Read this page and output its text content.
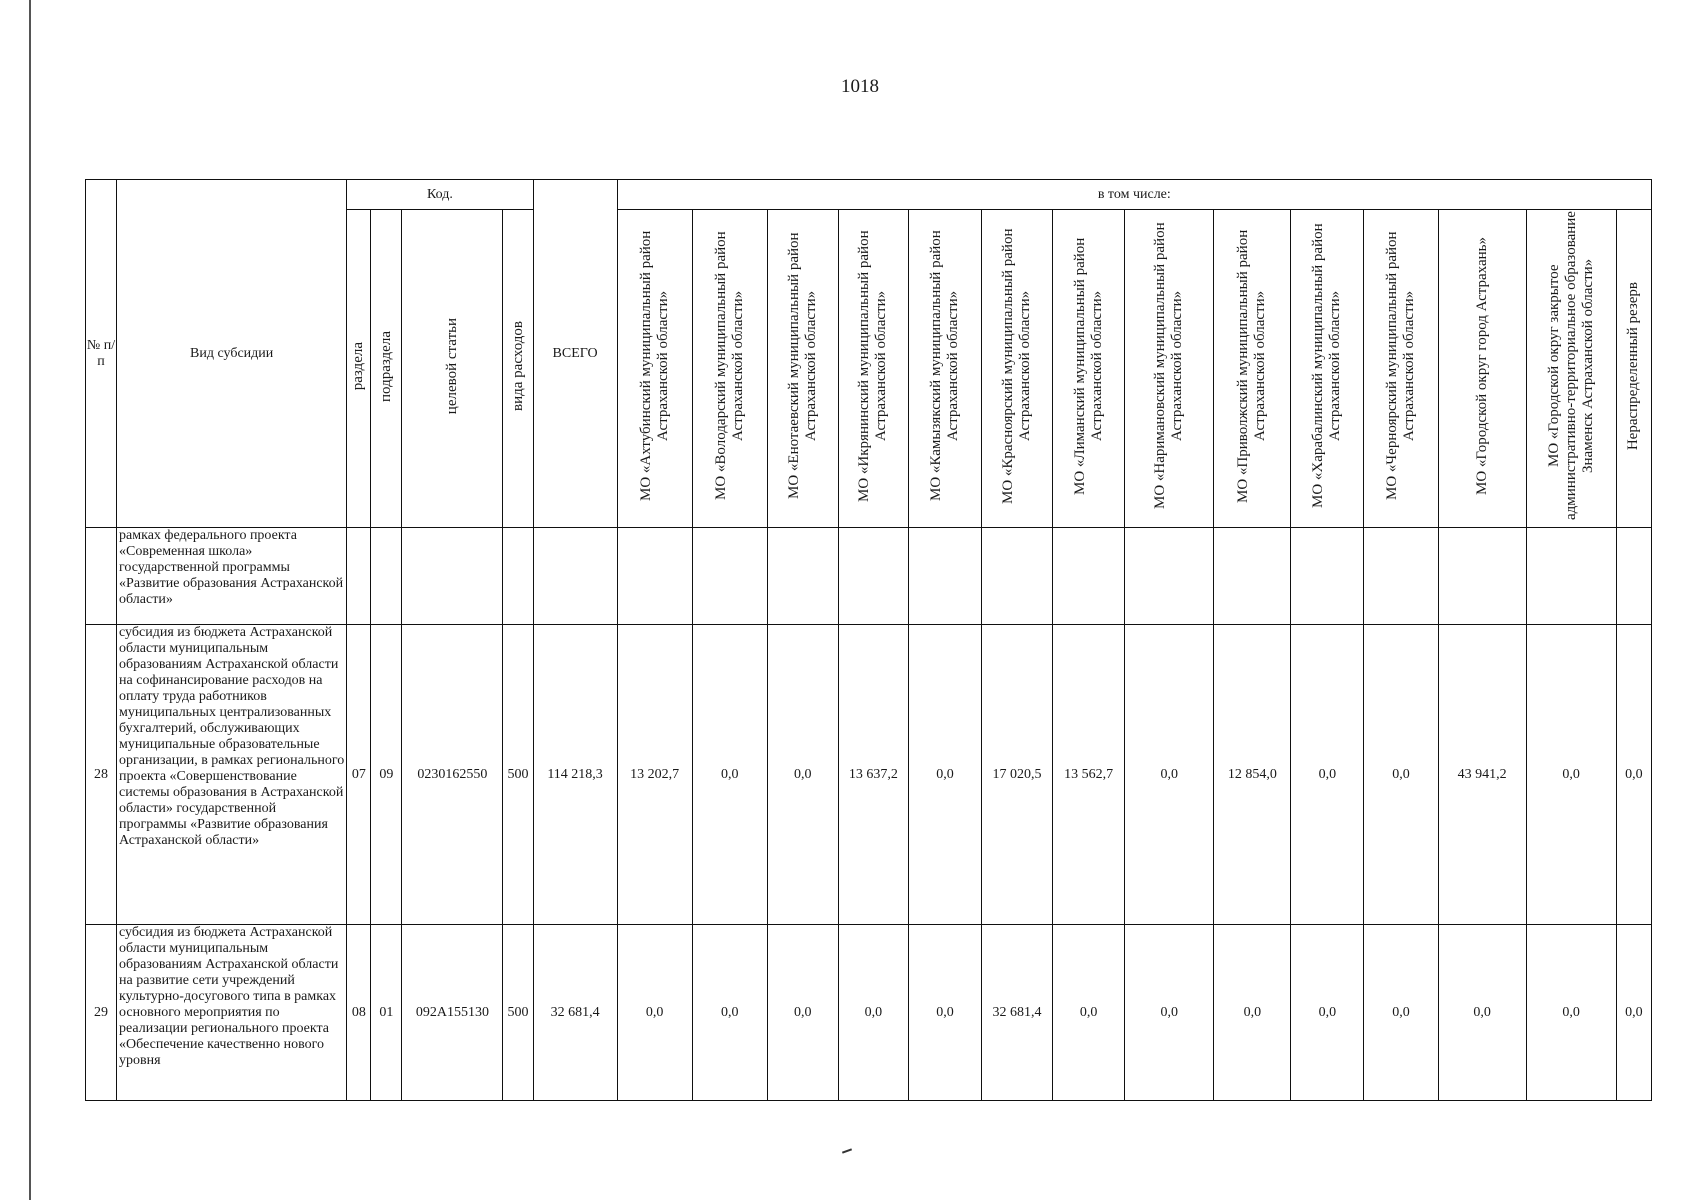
1018
№ п/п	Вид субсидии	Код.				ВСЕГО	в том числе:													
		раздела	подраздела	целевой статьи	вида расходов		МО «Ахтубинский муниципальный район Астраханской области»	МО «Володарский муниципальный район Астраханской области»	МО «Енотаевский муниципальный район Астраханской области»	МО «Икрянинский муниципальный район Астраханской области»	МО «Камызякский муниципальный район Астраханской области»	МО «Красноярский муниципальный район Астраханской области»	МО «Лиманский муниципальный район Астраханской области»	МО «Наримановский муниципальный район Астраханской области»	МО «Приволжский муниципальный район Астраханской области»	МО «Харабалинский муниципальный район Астраханской области»	МО «Черноярский муниципальный район Астраханской области»	МО «Городской округ город Астрахань»	МО «Городской округ закрытое административно-территориальное образование Знаменск Астраханской области»	Нераспределенный резерв
	рамках федерального проекта «Современная школа» государственной программы «Развитие образования Астраханской области»																			
28	субсидия из бюджета Астраханской области муниципальным образованиям Астраханской области на софинансирование расходов на оплату труда работников муниципальных централизованных бухгалтерий, обслуживающих муниципальные образовательные организации, в рамках регионального проекта «Совершенствование системы образования в Астраханской области» государственной программы «Развитие образования Астраханской области»	07	09	0230162550	500	114 218,3	13 202,7	0,0	0,0	13 637,2	0,0	17 020,5	13 562,7	0,0	12 854,0	0,0	0,0	43 941,2	0,0	0,0
29	субсидия из бюджета Астраханской области муниципальным образованиям Астраханской области на развитие сети учреждений культурно-досугового типа в рамках основного мероприятия по реализации регионального проекта «Обеспечение качественно нового уровня	08	01	092А155130	500	32 681,4	0,0	0,0	0,0	0,0	0,0	32 681,4	0,0	0,0	0,0	0,0	0,0	0,0	0,0	0,0
